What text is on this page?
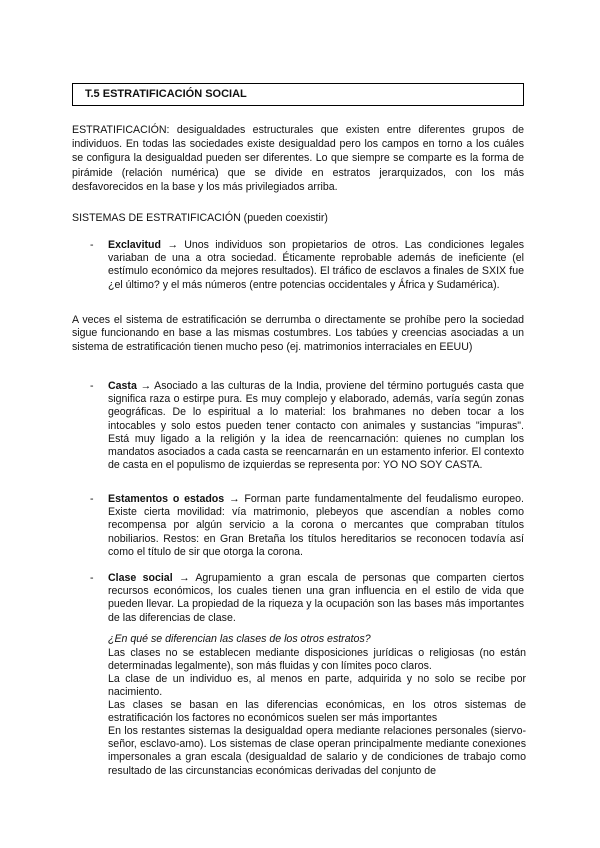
T.5 ESTRATIFICACIÓN SOCIAL
ESTRATIFICACIÓN: desigualdades estructurales que existen entre diferentes grupos de individuos. En todas las sociedades existe desigualdad pero los campos en torno a los cuáles se configura la desigualdad pueden ser diferentes. Lo que siempre se comparte es la forma de pirámide (relación numérica) que se divide en estratos jerarquizados, con los más desfavorecidos en la base y los más privilegiados arriba.
SISTEMAS DE ESTRATIFICACIÓN (pueden coexistir)
- Exclavitud → Unos individuos son propietarios de otros. Las condiciones legales variaban de una a otra sociedad. Éticamente reprobable además de ineficiente (el estímulo económico da mejores resultados). El tráfico de esclavos a finales de SXIX fue ¿el último? y el más números (entre potencias occidentales y África y Sudamérica).
A veces el sistema de estratificación se derrumba o directamente se prohíbe pero la sociedad sigue funcionando en base a las mismas costumbres. Los tabúes y creencias asociadas a un sistema de estratificación tienen mucho peso (ej. matrimonios interraciales en EEUU)
- Casta → Asociado a las culturas de la India, proviene del término portugués casta que significa raza o estirpe pura. Es muy complejo y elaborado, además, varía según zonas geográficas. De lo espiritual a lo material: los brahmanes no deben tocar a los intocables y solo estos pueden tener contacto con animales y sustancias "impuras". Está muy ligado a la religión y la idea de reencarnación: quienes no cumplan los mandatos asociados a cada casta se reencarnarán en un estamento inferior. El contexto de casta en el populismo de izquierdas se representa por: YO NO SOY CASTA.
- Estamentos o estados → Forman parte fundamentalmente del feudalismo europeo. Existe cierta movilidad: vía matrimonio, plebeyos que ascendían a nobles como recompensa por algún servicio a la corona o mercantes que compraban títulos nobiliarios. Restos: en Gran Bretaña los títulos hereditarios se reconocen todavía así como el título de sir que otorga la corona.
- Clase social → Agrupamiento a gran escala de personas que comparten ciertos recursos económicos, los cuales tienen una gran influencia en el estilo de vida que pueden llevar. La propiedad de la riqueza y la ocupación son las bases más importantes de las diferencias de clase.
¿En qué se diferencian las clases de los otros estratos?
Las clases no se establecen mediante disposiciones jurídicas o religiosas (no están determinadas legalmente), son más fluidas y con límites poco claros.
La clase de un individuo es, al menos en parte, adquirida y no solo se recibe por nacimiento.
Las clases se basan en las diferencias económicas, en los otros sistemas de estratificación los factores no económicos suelen ser más importantes
En los restantes sistemas la desigualdad opera mediante relaciones personales (siervo-señor, esclavo-amo). Los sistemas de clase operan principalmente mediante conexiones impersonales a gran escala (desigualdad de salario y de condiciones de trabajo como resultado de las circunstancias económicas derivadas del conjunto de
